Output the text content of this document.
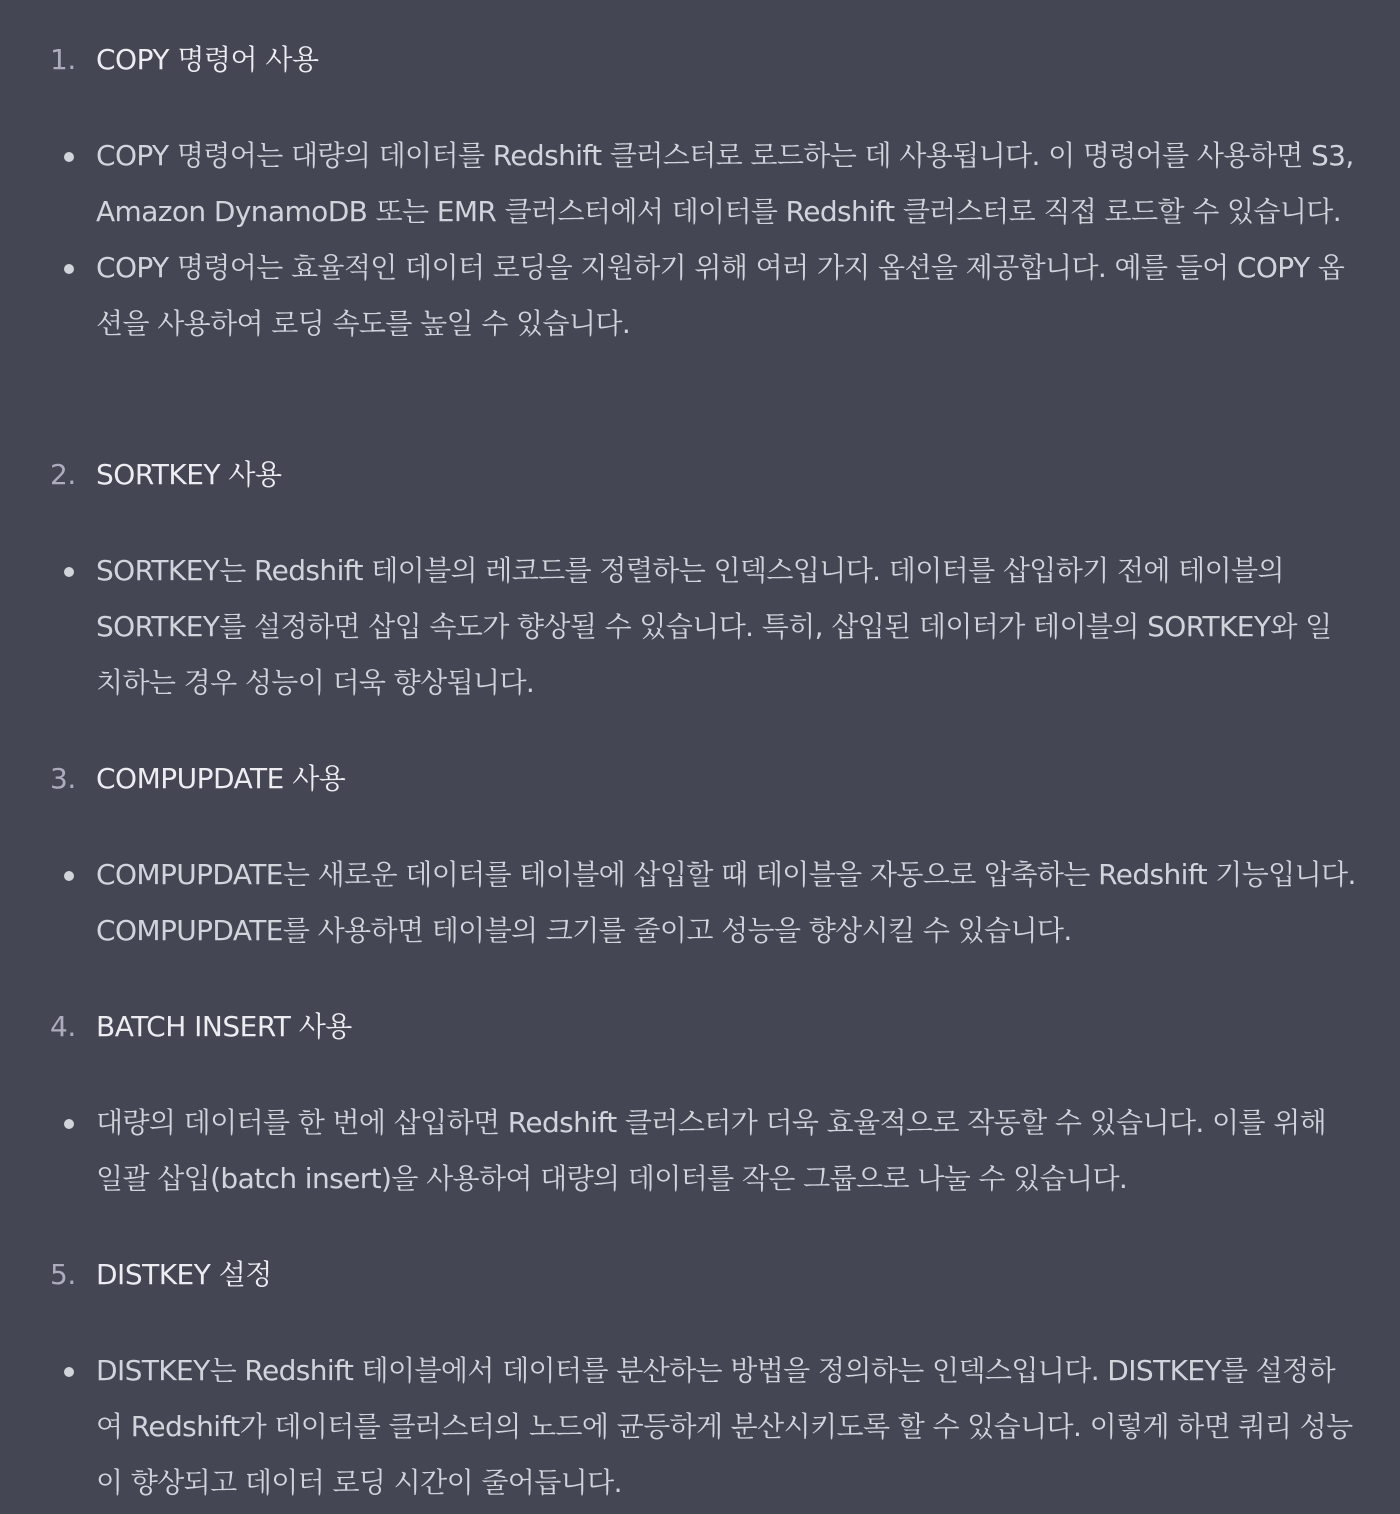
1. COPY 명령어 사용
COPY 명령어는 대량의 데이터를 Redshift 클러스터로 로드하는 데 사용됩니다. 이 명령어를 사용하면 S3, Amazon DynamoDB 또는 EMR 클러스터에서 데이터를 Redshift 클러스터로 직접 로드할 수 있습니다.
COPY 명령어는 효율적인 데이터 로딩을 지원하기 위해 여러 가지 옵션을 제공합니다. 예를 들어 COPY 옵션을 사용하여 로딩 속도를 높일 수 있습니다.
2. SORTKEY 사용
SORTKEY는 Redshift 테이블의 레코드를 정렬하는 인덱스입니다. 데이터를 삽입하기 전에 테이블의 SORTKEY를 설정하면 삽입 속도가 향상될 수 있습니다. 특히, 삽입된 데이터가 테이블의 SORTKEY와 일치하는 경우 성능이 더욱 향상됩니다.
3. COMPUPDATE 사용
COMPUPDATE는 새로운 데이터를 테이블에 삽입할 때 테이블을 자동으로 압축하는 Redshift 기능입니다. COMPUPDATE를 사용하면 테이블의 크기를 줄이고 성능을 향상시킬 수 있습니다.
4. BATCH INSERT 사용
대량의 데이터를 한 번에 삽입하면 Redshift 클러스터가 더욱 효율적으로 작동할 수 있습니다. 이를 위해 일괄 삽입(batch insert)을 사용하여 대량의 데이터를 작은 그룹으로 나눌 수 있습니다.
5. DISTKEY 설정
DISTKEY는 Redshift 테이블에서 데이터를 분산하는 방법을 정의하는 인덱스입니다. DISTKEY를 설정하여 Redshift가 데이터를 클러스터의 노드에 균등하게 분산시키도록 할 수 있습니다. 이렇게 하면 쿼리 성능이 향상되고 데이터 로딩 시간이 줄어듭니다.
